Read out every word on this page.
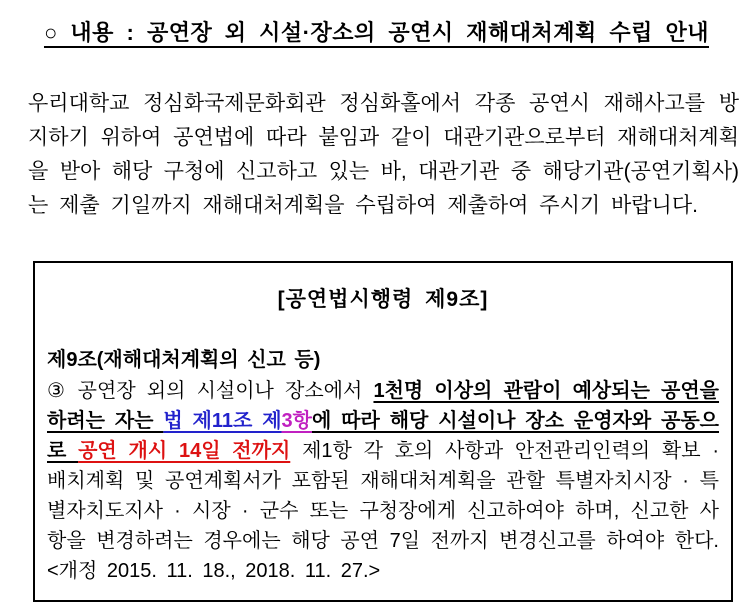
○ 내용 : 공연장 외 시설·장소의 공연시 재해대처계획 수립 안내

우리대학교 정심화국제문화회관 정심화홀에서 각종 공연시 재해사고를 방지하기 위하여 공연법에 따라 붙임과 같이 대관기관으로부터 재해대처계획을 받아 해당 구청에 신고하고 있는 바, 대관기관 중 해당기관(공연기획사)는 제출 기일까지 재해대처계획을 수립하여 제출하여 주시기 바랍니다.

[공연법시행령 제9조]
제9조(재해대처계획의 신고 등)

③ 공연장 외의 시설이나 장소에서 1천명 이상의 관람이 예상되는 공연을 하려는 자는 법 제11조 제3항에 따라 해당 시설이나 장소 운영자와 공동으로 공연 개시 14일 전까지 제1항 각 호의 사항과 안전관리인력의 확보 · 배치계획 및 공연계획서가 포함된 재해대처계획을 관할 특별자치시장 · 특별자치도지사 · 시장 · 군수 또는 구청장에게 신고하여야 하며, 신고한 사항을 변경하려는 경우에는 해당 공연 7일 전까지 변경신고를 하여야 한다. <개정 2015. 11. 18., 2018. 11. 27.>
